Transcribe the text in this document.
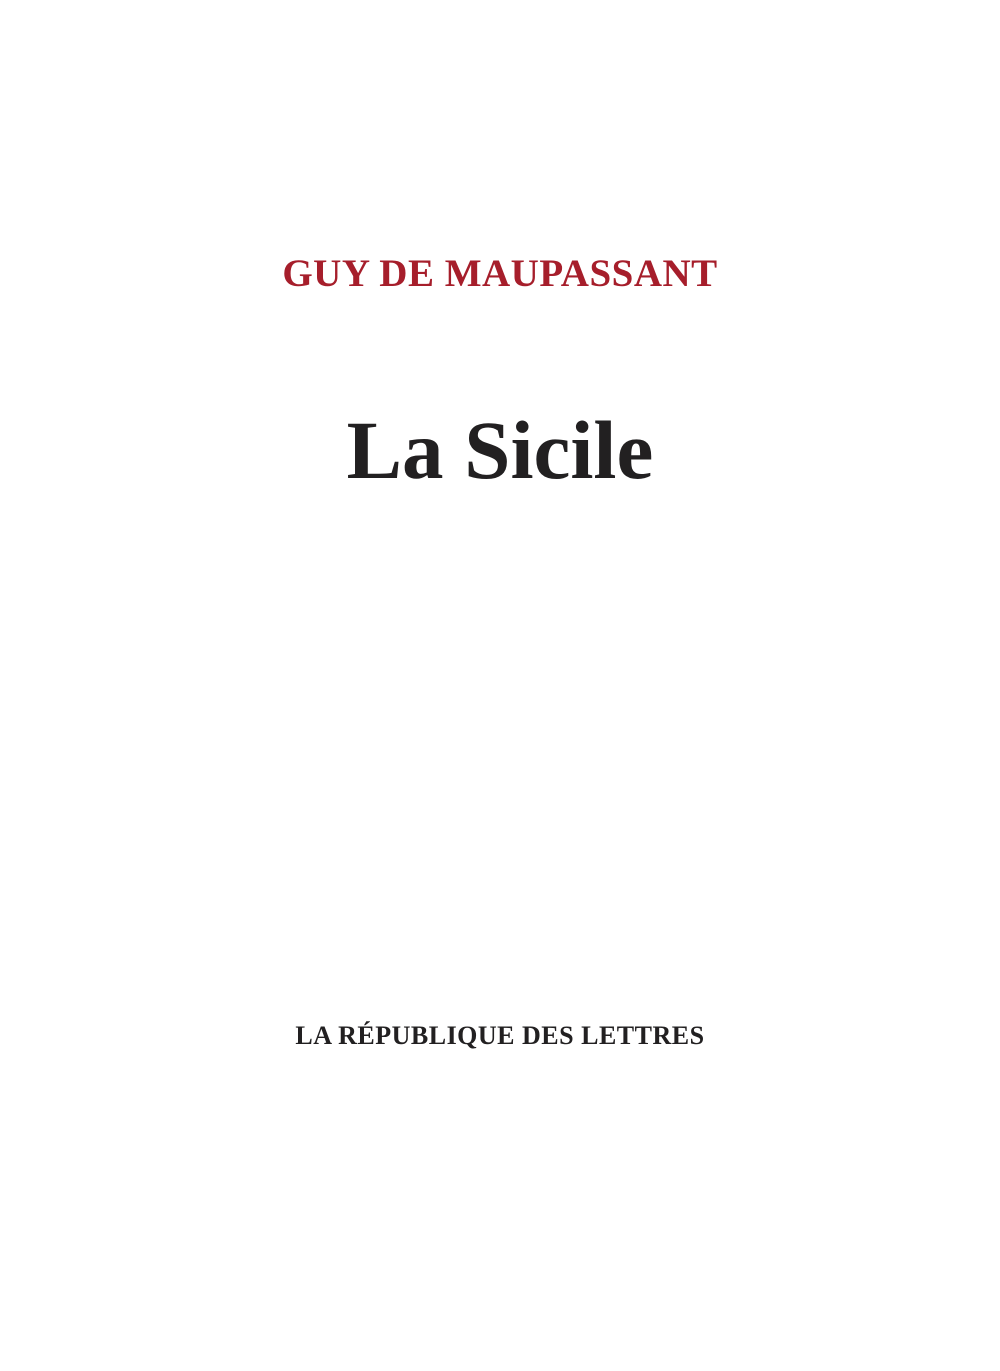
GUY DE MAUPASSANT
La Sicile
LA RÉPUBLIQUE DES LETTRES
